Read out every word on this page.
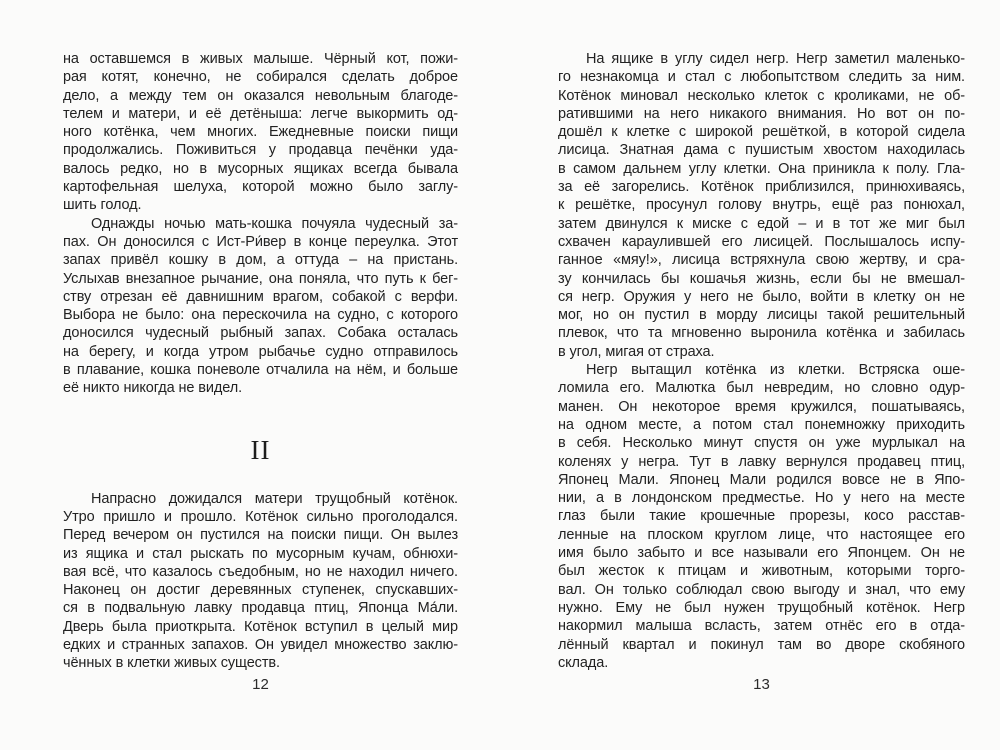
на оставшемся в живых малыше. Чёрный кот, пожи-
рая котят, конечно, не собирался сделать доброе
дело, а между тем он оказался невольным благоде-
телем и матери, и её детёныша: легче выкормить од-
ного котёнка, чем многих. Ежедневные поиски пищи
продолжались. Поживиться у продавца печёнки уда-
валось редко, но в мусорных ящиках всегда бывала
картофельная шелуха, которой можно было заглу-
шить голод.
Однажды ночью мать-кошка почуяла чудесный за-
пах. Он доносился с Ист-Ри́вер в конце переулка. Этот
запах привёл кошку в дом, а оттуда – на пристань.
Услыхав внезапное рычание, она поняла, что путь к бег-
ству отрезан её давнишним врагом, собакой с верфи.
Выбора не было: она перескочила на судно, с которого
доносился чудесный рыбный запах. Собака осталась
на берегу, и когда утром рыбачье судно отправилось
в плавание, кошка поневоле отчалила на нём, и больше
её никто никогда не видел.
II
Напрасно дожидался матери трущобный котёнок.
Утро пришло и прошло. Котёнок сильно проголодался.
Перед вечером он пустился на поиски пищи. Он вылез
из ящика и стал рыскать по мусорным кучам, обнюхи-
вая всё, что казалось съедобным, но не находил ничего.
Наконец он достиг деревянных ступенек, спускавших-
ся в подвальную лавку продавца птиц, Японца Ма́ли.
Дверь была приоткрыта. Котёнок вступил в целый мир
едких и странных запахов. Он увидел множество заклю-
чённых в клетки живых существ.
12
На ящике в углу сидел негр. Негр заметил маленько-
го незнакомца и стал с любопытством следить за ним.
Котёнок миновал несколько клеток с кроликами, не об-
ратившими на него никакого внимания. Но вот он по-
дошёл к клетке с широкой решёткой, в которой сидела
лисица. Знатная дама с пушистым хвостом находилась
в самом дальнем углу клетки. Она приникла к полу. Гла-
за её загорелись. Котёнок приблизился, принюхиваясь,
к решётке, просунул голову внутрь, ещё раз понюхал,
затем двинулся к миске с едой – и в тот же миг был
схвачен караулившей его лисицей. Послышалось испу-
ганное «мяу!», лисица встряхнула свою жертву, и сра-
зу кончилась бы кошачья жизнь, если бы не вмешал-
ся негр. Оружия у него не было, войти в клетку он не
мог, но он пустил в морду лисицы такой решительный
плевок, что та мгновенно выронила котёнка и забилась
в угол, мигая от страха.
Негр вытащил котёнка из клетки. Встряска оше-
ломила его. Малютка был невредим, но словно одур-
манен. Он некоторое время кружился, пошатываясь,
на одном месте, а потом стал понемножку приходить
в себя. Несколько минут спустя он уже мурлыкал на
коленях у негра. Тут в лавку вернулся продавец птиц,
Японец Мали. Японец Мали родился вовсе не в Япо-
нии, а в лондонском предместье. Но у него на месте
глаз были такие крошечные прорезы, косо расстав-
ленные на плоском круглом лице, что настоящее его
имя было забыто и все называли его Японцем. Он не
был жесток к птицам и животным, которыми торго-
вал. Он только соблюдал свою выгоду и знал, что ему
нужно. Ему не был нужен трущобный котёнок. Негр
накормил малыша всласть, затем отнёс его в отда-
лённый квартал и покинул там во дворе скобяного
склада.
13
